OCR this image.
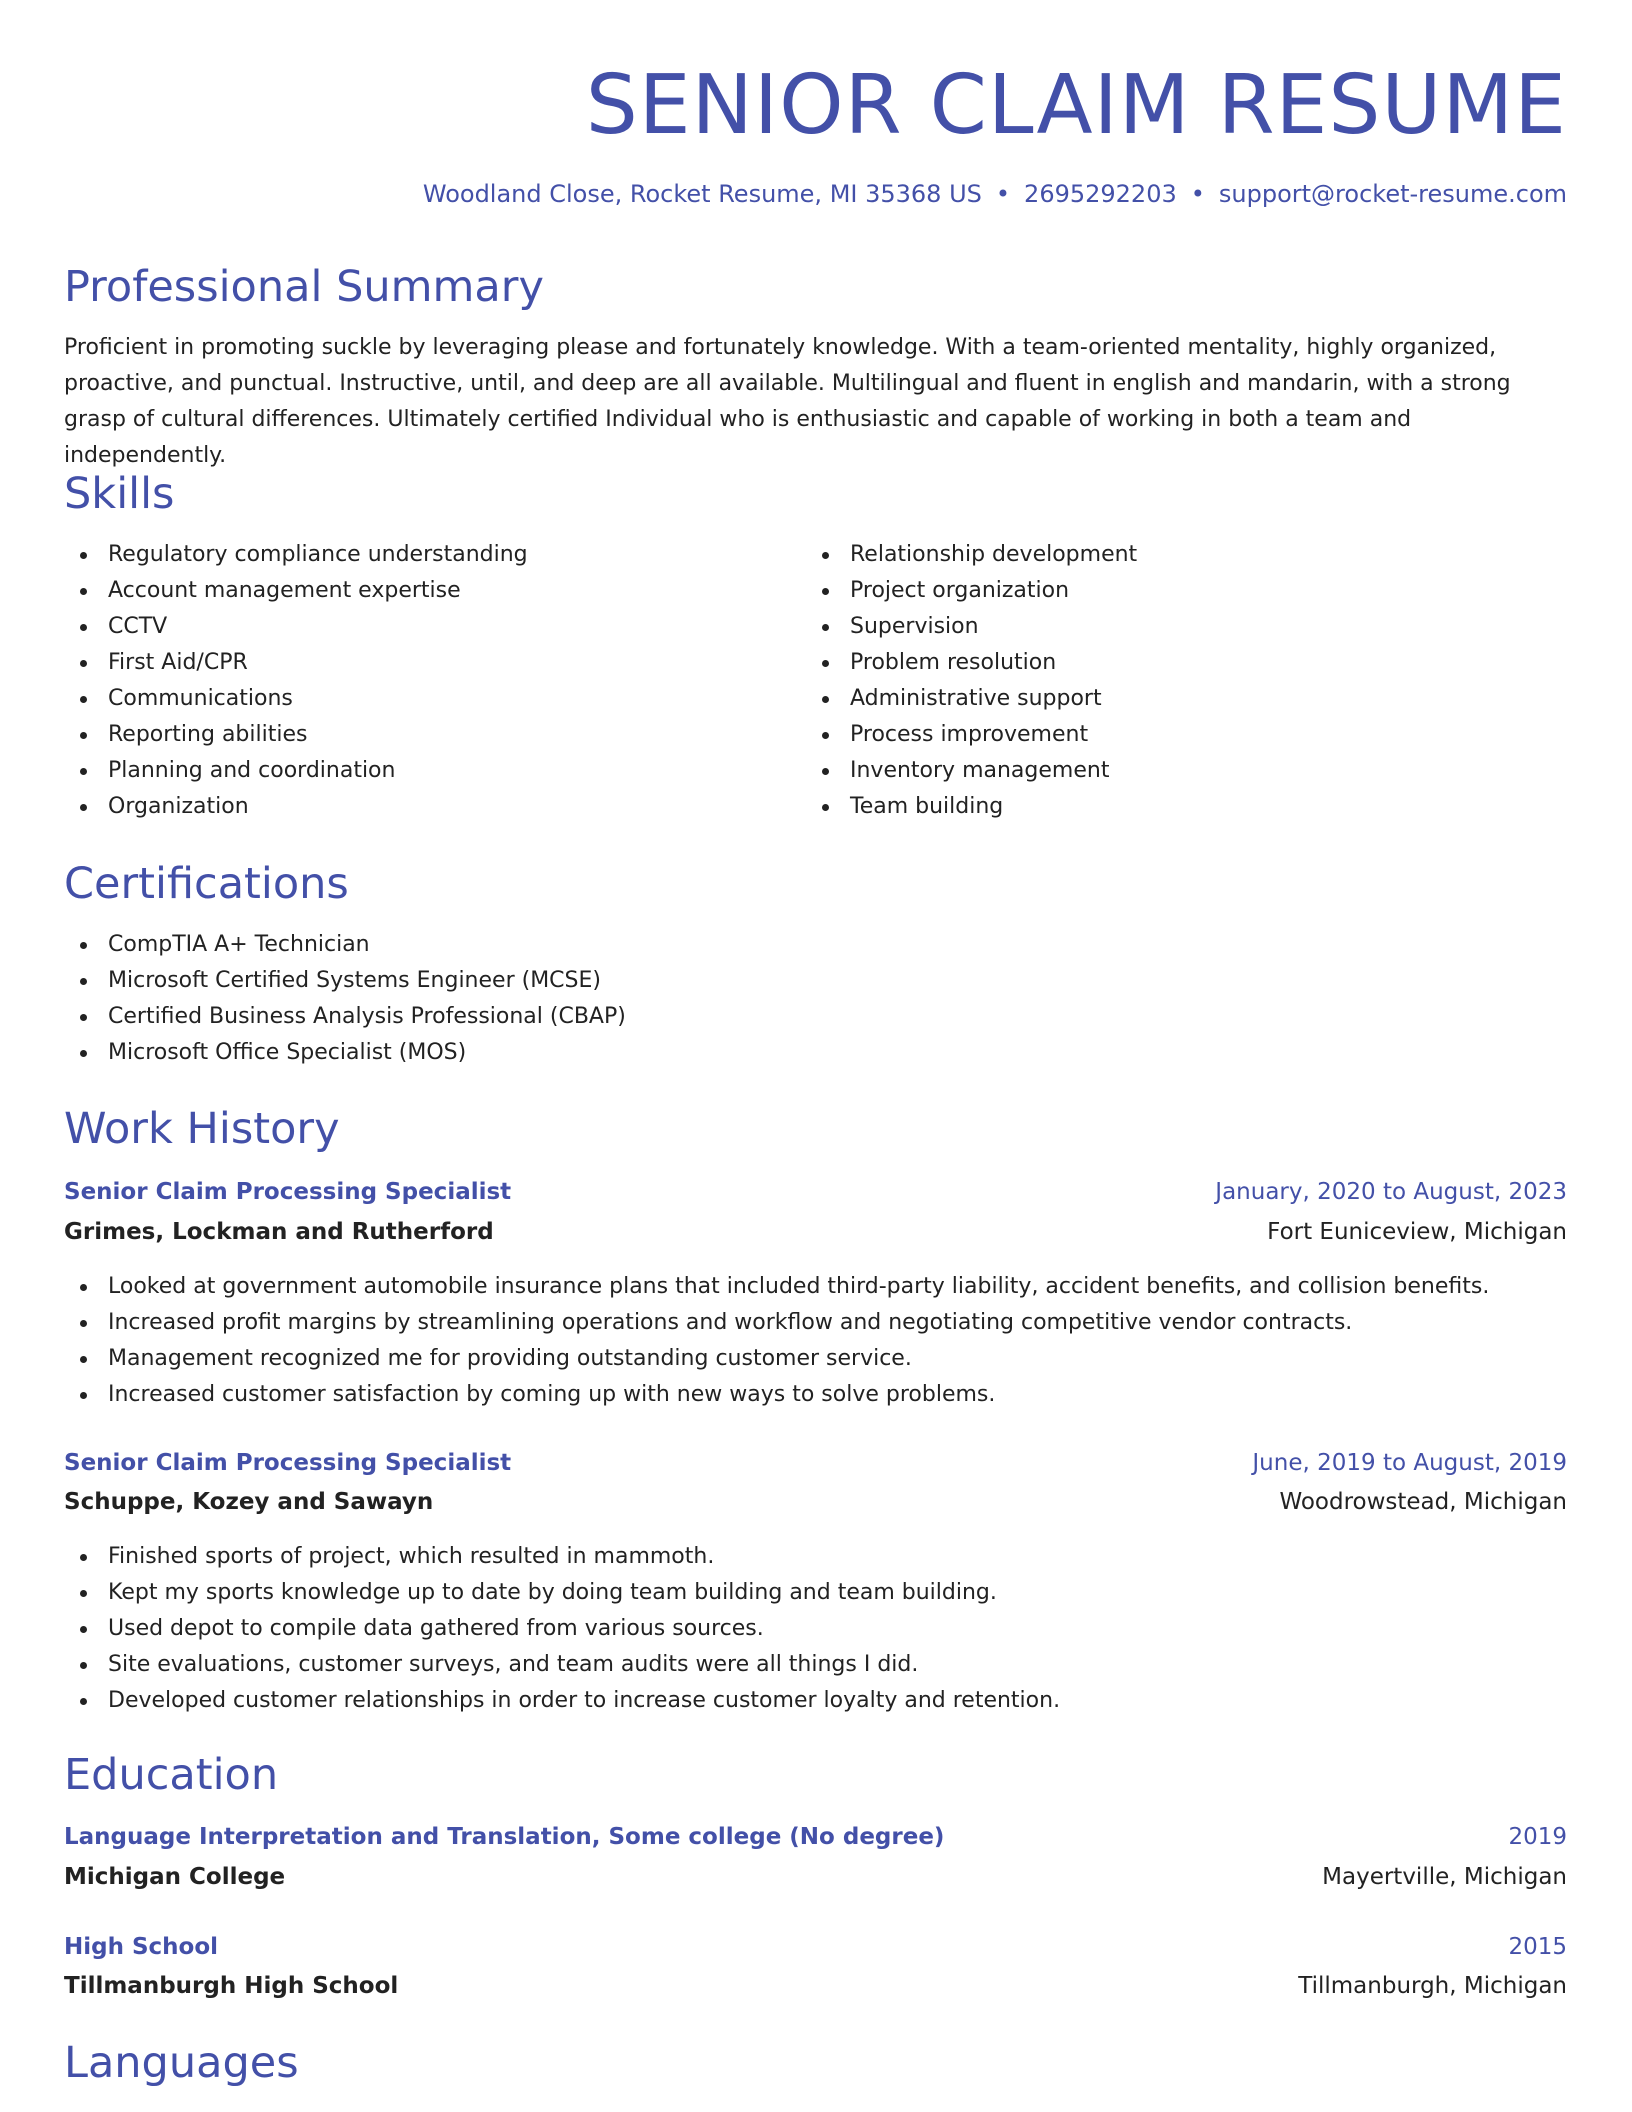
SENIOR CLAIM RESUME
Woodland Close, Rocket Resume, MI 35368 US • 2695292203 • support@rocket-resume.com
Professional Summary
Proficient in promoting suckle by leveraging please and fortunately knowledge. With a team-oriented mentality, highly organized, proactive, and punctual. Instructive, until, and deep are all available. Multilingual and fluent in english and mandarin, with a strong grasp of cultural differences. Ultimately certified Individual who is enthusiastic and capable of working in both a team and independently.
Skills
Regulatory compliance understanding
Account management expertise
CCTV
First Aid/CPR
Communications
Reporting abilities
Planning and coordination
Organization
Relationship development
Project organization
Supervision
Problem resolution
Administrative support
Process improvement
Inventory management
Team building
Certifications
CompTIA A+ Technician
Microsoft Certified Systems Engineer (MCSE)
Certified Business Analysis Professional (CBAP)
Microsoft Office Specialist (MOS)
Work History
Senior Claim Processing Specialist	January, 2020 to August, 2023
Grimes, Lockman and Rutherford	Fort Euniceview, Michigan
Looked at government automobile insurance plans that included third-party liability, accident benefits, and collision benefits.
Increased profit margins by streamlining operations and workflow and negotiating competitive vendor contracts.
Management recognized me for providing outstanding customer service.
Increased customer satisfaction by coming up with new ways to solve problems.
Senior Claim Processing Specialist	June, 2019 to August, 2019
Schuppe, Kozey and Sawayn	Woodrowstead, Michigan
Finished sports of project, which resulted in mammoth.
Kept my sports knowledge up to date by doing team building and team building.
Used depot to compile data gathered from various sources.
Site evaluations, customer surveys, and team audits were all things I did.
Developed customer relationships in order to increase customer loyalty and retention.
Education
Language Interpretation and Translation, Some college (No degree)	2019
Michigan College	Mayertville, Michigan
High School	2015
Tillmanburgh High School	Tillmanburgh, Michigan
Languages
